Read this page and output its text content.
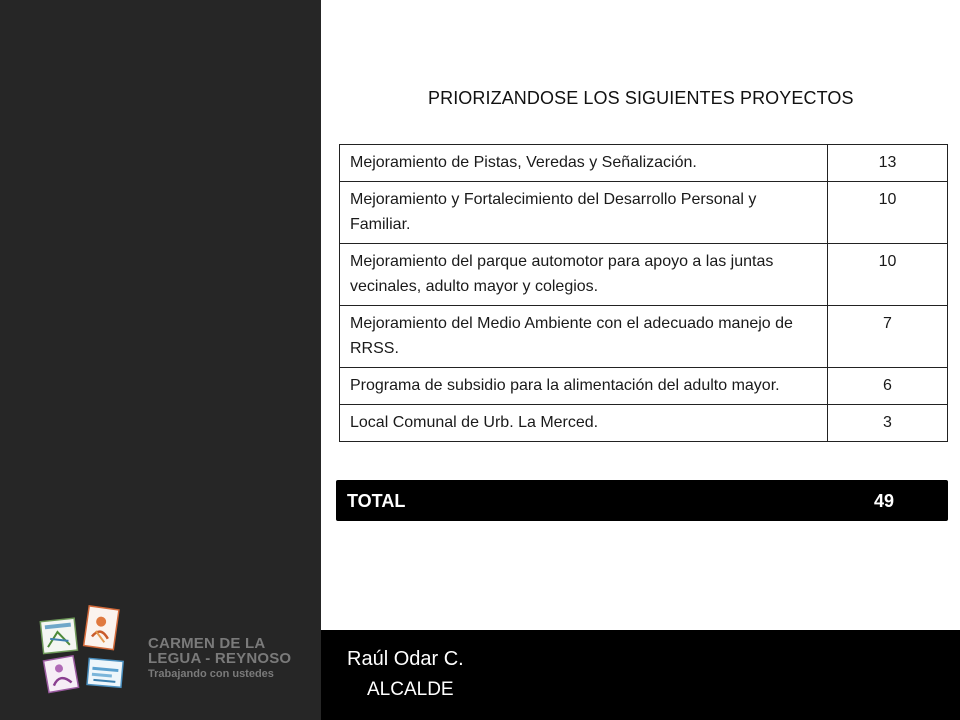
PRIORIZANDOSE LOS SIGUIENTES PROYECTOS
Mejoramiento de Pistas, Veredas y Señalización.	13
Mejoramiento y Fortalecimiento del Desarrollo Personal y Familiar.	10
Mejoramiento del parque automotor para apoyo a las juntas vecinales, adulto mayor y colegios.	10
Mejoramiento del Medio Ambiente con el adecuado manejo de RRSS.	7
Programa de subsidio para la alimentación del adulto mayor.	6
Local Comunal de Urb. La Merced.	3
TOTAL	49
Raúl Odar C.
ALCALDE
CARMEN DE LA
LEGUA - REYNOSO
Trabajando con ustedes
